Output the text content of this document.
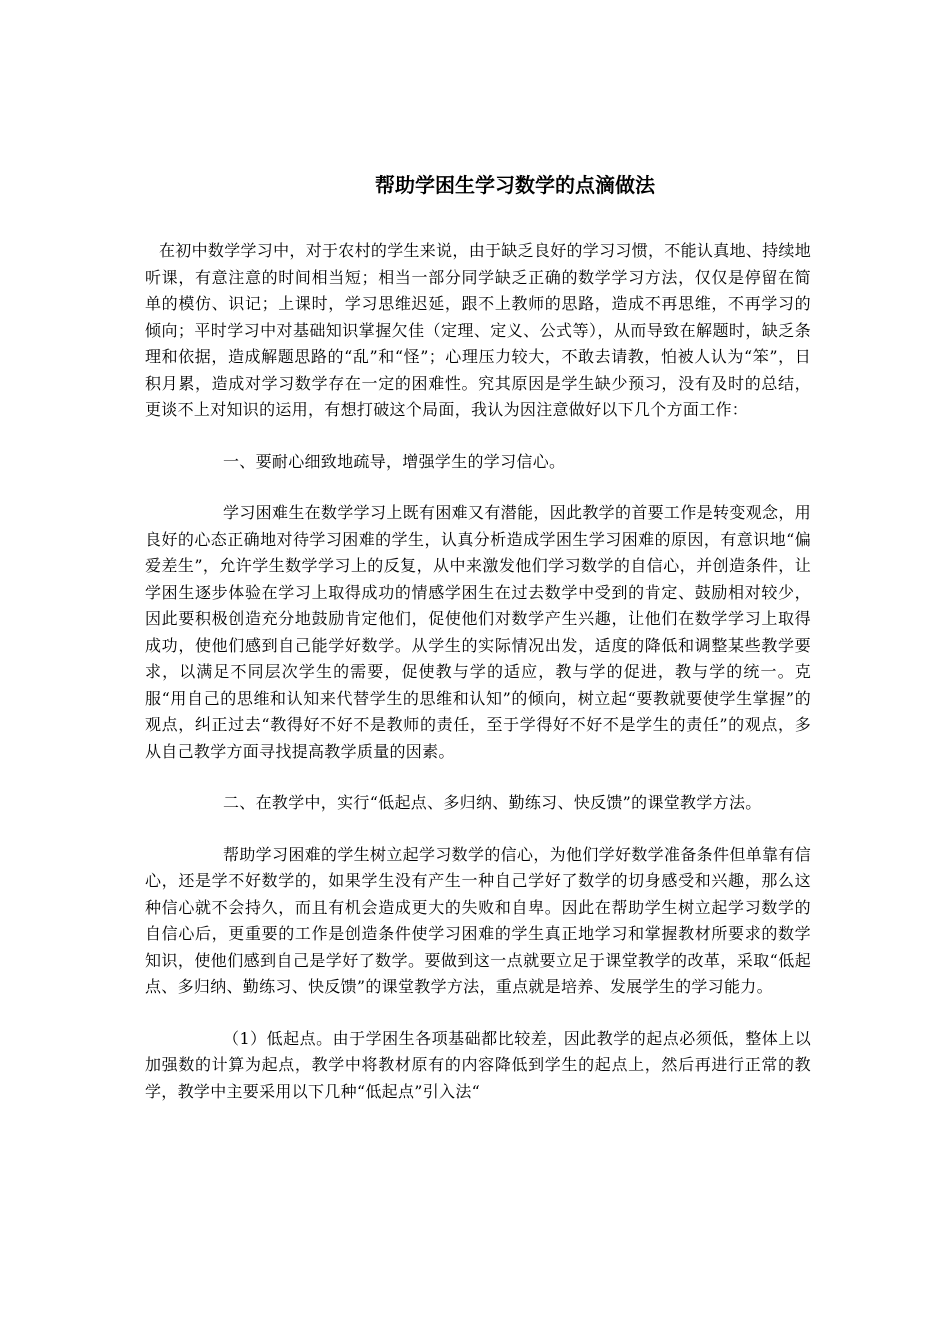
帮助学困生学习数学的点滴做法

在初中数学学习中，对于农村的学生来说，由于缺乏良好的学习习惯，不能认真地、持续地听课，有意注意的时间相当短；相当一部分同学缺乏正确的数学学习方法，仅仅是停留在简单的模仿、识记；上课时，学习思维迟延，跟不上教师的思路，造成不再思维，不再学习的倾向；平时学习中对基础知识掌握欠佳（定理、定义、公式等），从而导致在解题时，缺乏条理和依据，造成解题思路的“乱”和“怪”；心理压力较大，不敢去请教，怕被人认为“笨”，日积月累，造成对学习数学存在一定的困难性。究其原因是学生缺少预习，没有及时的总结，更谈不上对知识的运用，有想打破这个局面，我认为因注意做好以下几个方面工作：

一、要耐心细致地疏导，增强学生的学习信心。

学习困难生在数学学习上既有困难又有潜能，因此教学的首要工作是转变观念，用良好的心态正确地对待学习困难的学生，认真分析造成学困生学习困难的原因，有意识地“偏爱差生”，允许学生数学学习上的反复，从中来激发他们学习数学的自信心，并创造条件，让学困生逐步体验在学习上取得成功的情感学困生在过去数学中受到的肯定、鼓励相对较少，因此要积极创造充分地鼓励肯定他们，促使他们对数学产生兴趣，让他们在数学学习上取得成功，使他们感到自己能学好数学。从学生的实际情况出发，适度的降低和调整某些教学要求，以满足不同层次学生的需要，促使教与学的适应，教与学的促进，教与学的统一。克服“用自己的思维和认知来代替学生的思维和认知”的倾向，树立起“要教就要使学生掌握”的观点，纠正过去“教得好不好不是教师的责任，至于学得好不好不是学生的责任”的观点，多从自己教学方面寻找提高教学质量的因素。

二、在教学中，实行“低起点、多归纳、勤练习、快反馈”的课堂教学方法。

帮助学习困难的学生树立起学习数学的信心，为他们学好数学准备条件但单靠有信心，还是学不好数学的，如果学生没有产生一种自己学好了数学的切身感受和兴趣，那么这种信心就不会持久，而且有机会造成更大的失败和自卑。因此在帮助学生树立起学习数学的自信心后，更重要的工作是创造条件使学习困难的学生真正地学习和掌握教材所要求的数学知识，使他们感到自己是学好了数学。要做到这一点就要立足于课堂教学的改革，采取“低起点、多归纳、勤练习、快反馈”的课堂教学方法，重点就是培养、发展学生的学习能力。

（1）低起点。由于学困生各项基础都比较差，因此教学的起点必须低，整体上以加强数的计算为起点，教学中将教材原有的内容降低到学生的起点上，然后再进行正常的教学，教学中主要采用以下几种“低起点”引入法“
